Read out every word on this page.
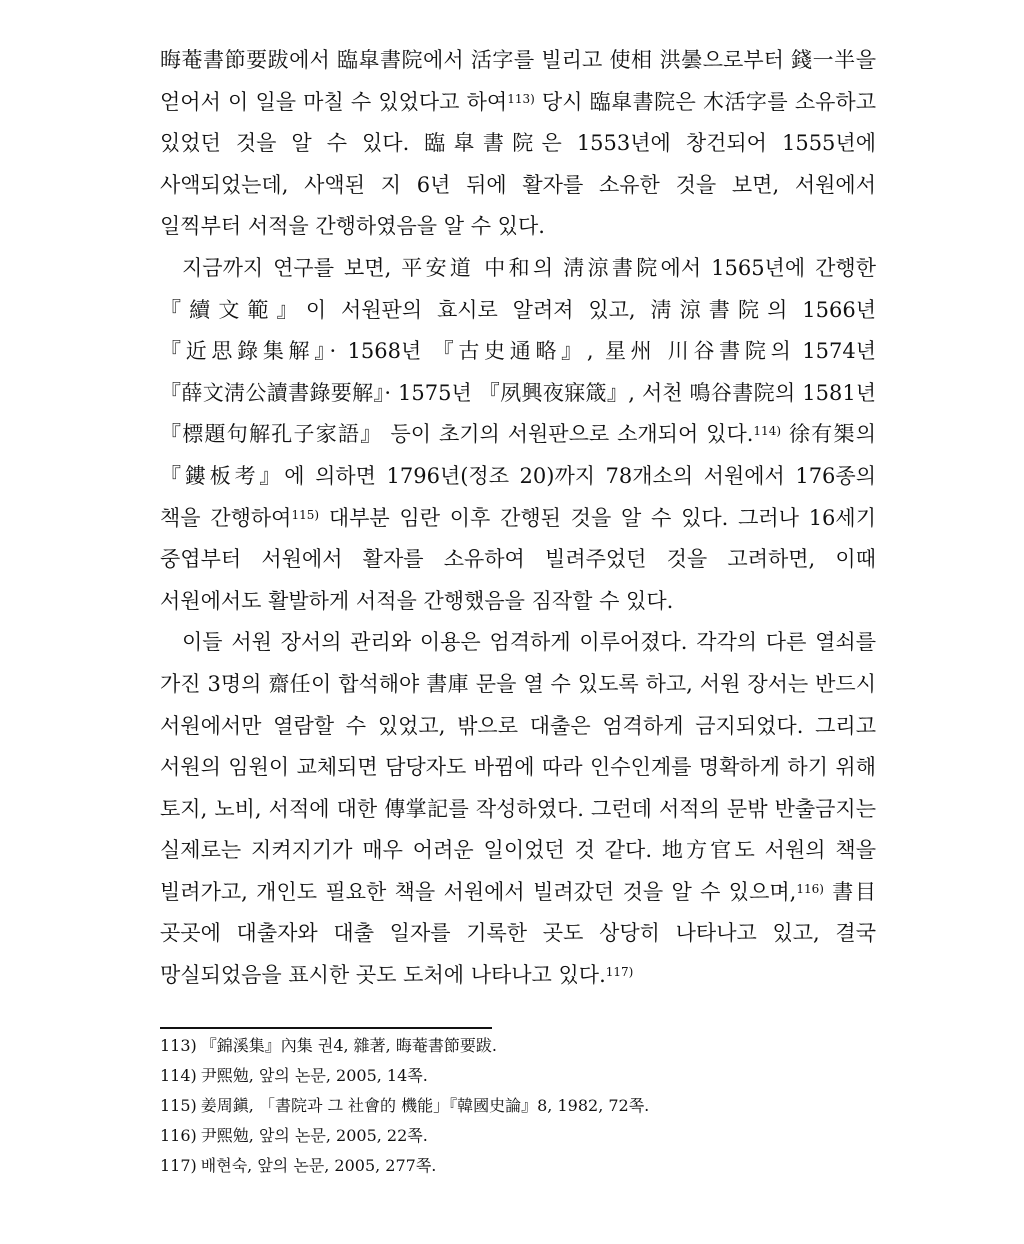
晦菴書節要跋에서 臨皐書院에서 活字를 빌리고 使相 洪曇으로부터 錢一半을 얻어서 이 일을 마칠 수 있었다고 하여$^{113)}$ 당시 臨皐書院은 木活字를 소유하고 있었던 것을 알 수 있다. 臨皐書院은 1553년에 창건되어 1555년에 사액되었는데, 사액된 지 6년 뒤에 활자를 소유한 것을 보면, 서원에서 일찍부터 서적을 간행하였음을 알 수 있다.

지금까지 연구를 보면, 平安道 中和의 淸涼書院에서 1565년에 간행한 『續文範』이 서원판의 효시로 알려져 있고, 淸涼書院의 1566년 『近思錄集解』· 1568년 『古史通略』, 星州 川谷書院의 1574년 『薛文淸公讀書錄要解』· 1575년 『夙興夜寐箴』, 서천 鳴谷書院의 1581년 『標題句解孔子家語』 등이 초기의 서원판으로 소개되어 있다.$^{114)}$ 徐有榘의 『鏤板考』에 의하면 1796년(정조 20)까지 78개소의 서원에서 176종의 책을 간행하여$^{115)}$ 대부분 임란 이후 간행된 것을 알 수 있다. 그러나 16세기 중엽부터 서원에서 활자를 소유하여 빌려주었던 것을 고려하면, 이때 서원에서도 활발하게 서적을 간행했음을 짐작할 수 있다.

이들 서원 장서의 관리와 이용은 엄격하게 이루어졌다. 각각의 다른 열쇠를 가진 3명의 齋任이 합석해야 書庫 문을 열 수 있도록 하고, 서원 장서는 반드시 서원에서만 열람할 수 있었고, 밖으로 대출은 엄격하게 금지되었다. 그리고 서원의 임원이 교체되면 담당자도 바뀜에 따라 인수인계를 명확하게 하기 위해 토지, 노비, 서적에 대한 傳掌記를 작성하였다. 그런데 서적의 문밖 반출금지는 실제로는 지켜지기가 매우 어려운 일이었던 것 같다. 地方官도 서원의 책을 빌려가고, 개인도 필요한 책을 서원에서 빌려갔던 것을 알 수 있으며,$^{116)}$ 書目 곳곳에 대출자와 대출 일자를 기록한 곳도 상당히 나타나고 있고, 결국 망실되었음을 표시한 곳도 도처에 나타나고 있다.$^{117)}$

113) 『錦溪集』內集 권4, 雜著, 晦菴書節要跋.
114) 尹熙勉, 앞의 논문, 2005, 14쪽.
115) 姜周鎭, 「書院과 그 社會的 機能」『韓國史論』8, 1982, 72쪽.
116) 尹熙勉, 앞의 논문, 2005, 22쪽.
117) 배현숙, 앞의 논문, 2005, 277쪽.
